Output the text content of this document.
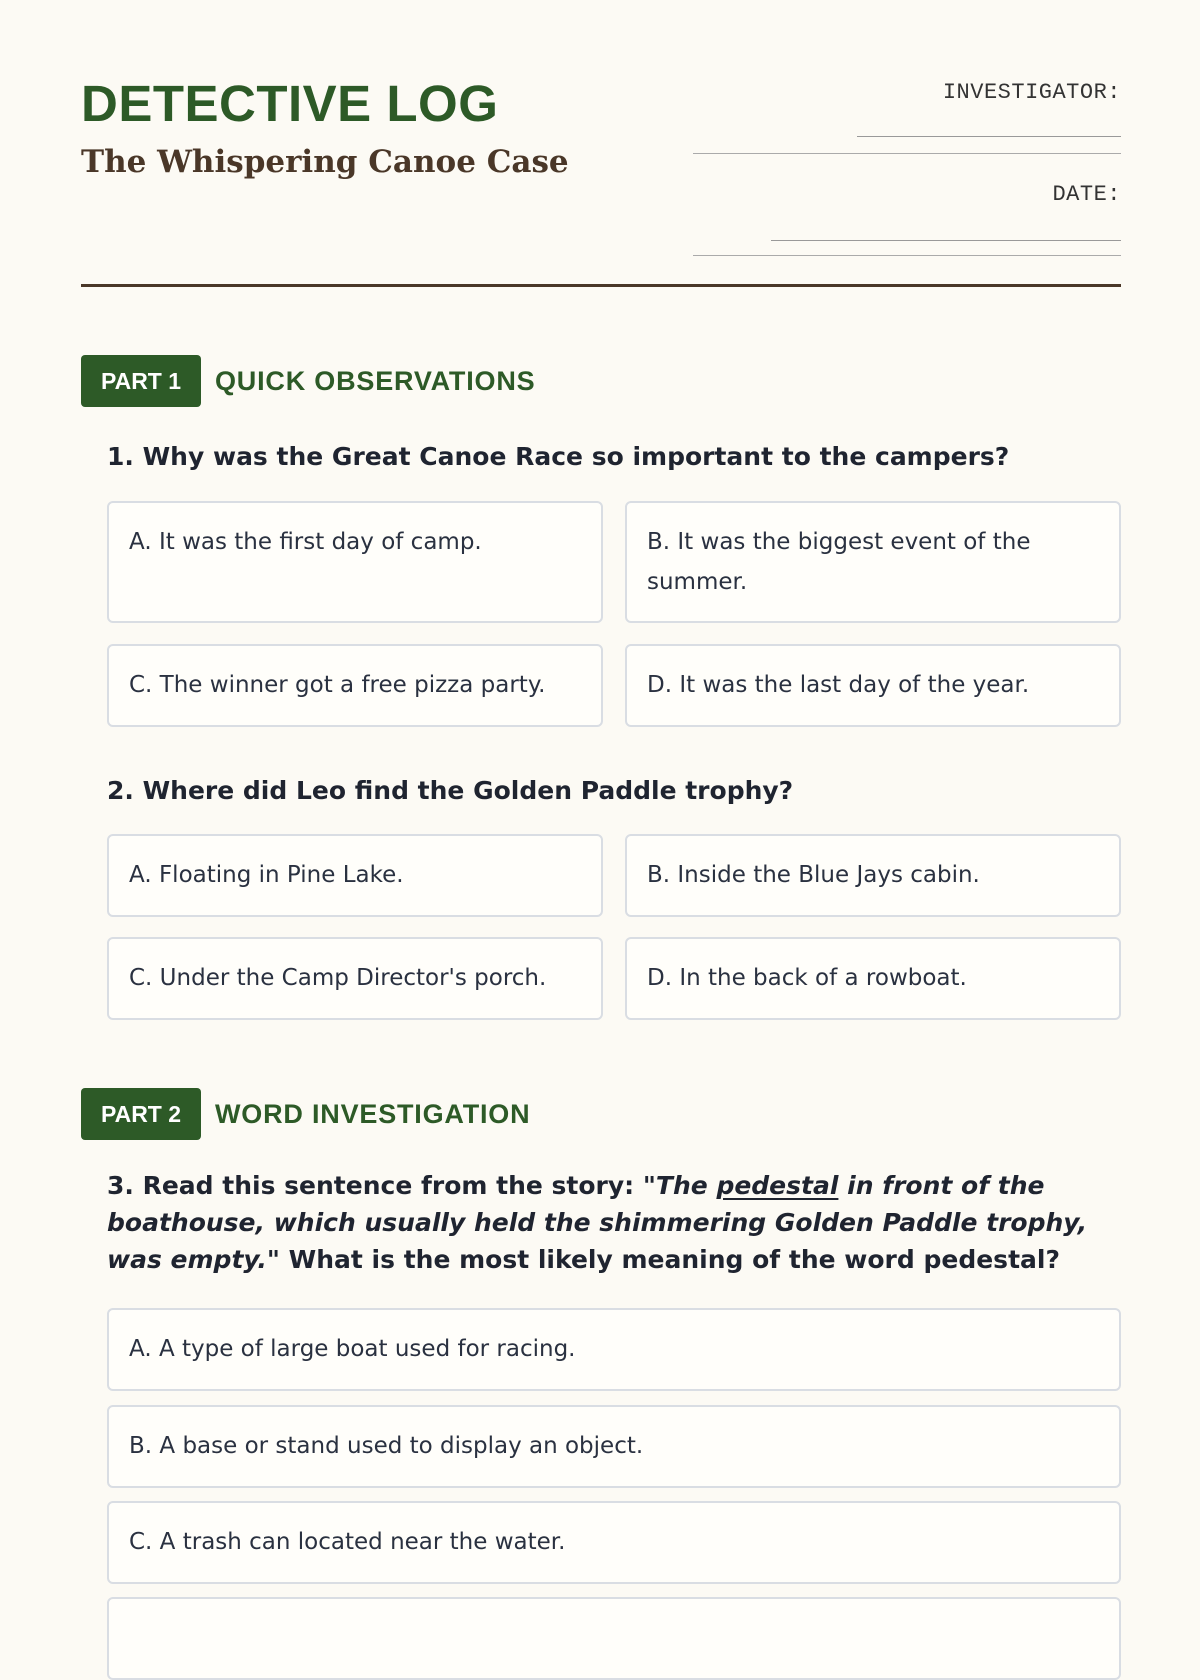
DETECTIVE LOG
The Whispering Canoe Case
INVESTIGATOR:
DATE:
PART 1	QUICK OBSERVATIONS

1. Why was the Great Canoe Race so important to the campers?

A. It was the first day of camp.	B. It was the biggest event of the summer.
C. The winner got a free pizza party.	D. It was the last day of the year.

2. Where did Leo find the Golden Paddle trophy?

A. Floating in Pine Lake.	B. Inside the Blue Jays cabin.
C. Under the Camp Director's porch.	D. In the back of a rowboat.
PART 2	WORD INVESTIGATION

3. Read this sentence from the story: "The pedestal in front of the boathouse, which usually held the shimmering Golden Paddle trophy, was empty." What is the most likely meaning of the word pedestal?

A. A type of large boat used for racing.
B. A base or stand used to display an object.
C. A trash can located near the water.
